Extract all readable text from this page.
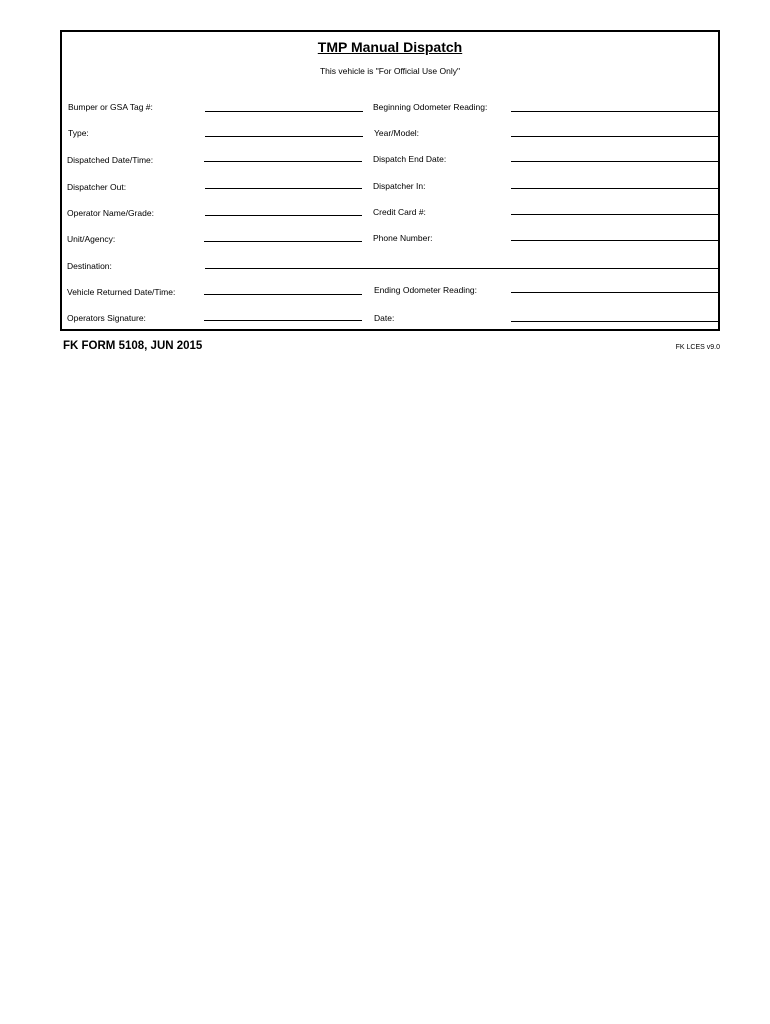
TMP Manual Dispatch
This vehicle is "For Official Use Only"
Bumper or GSA Tag #:	Beginning Odometer Reading:
Type:	Year/Model:
Dispatched Date/Time:	Dispatch End Date:
Dispatcher Out:	Dispatcher In:
Operator Name/Grade:	Credit Card #:
Unit/Agency:	Phone Number:
Destination:
Vehicle Returned Date/Time:	Ending Odometer Reading:
Operators Signature:	Date:
FK FORM 5108, JUN 2015	FK LCES v9.0
